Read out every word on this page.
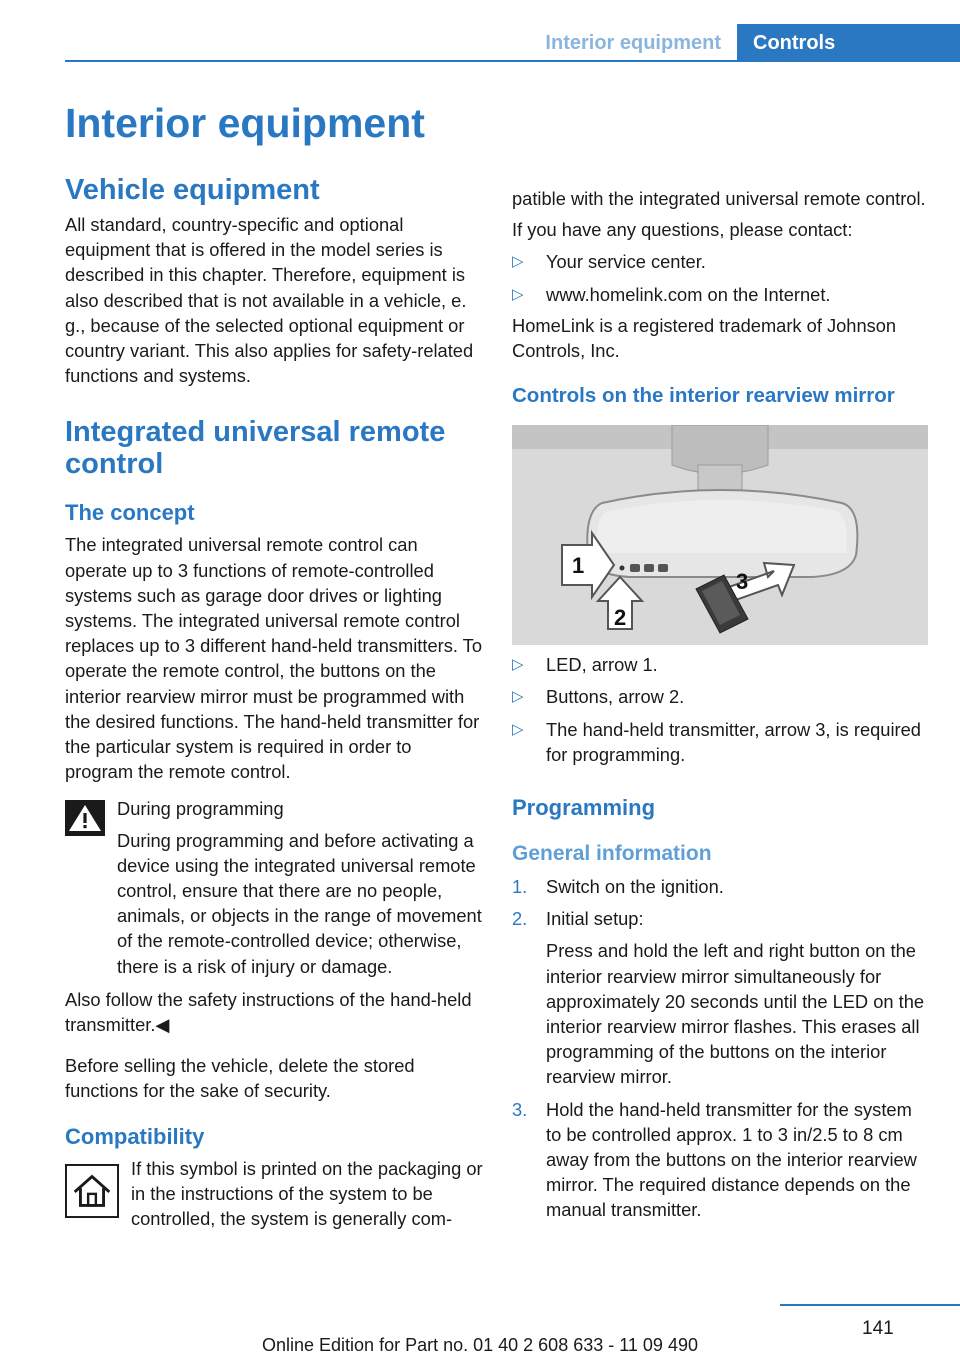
Interior equipment	Controls
Interior equipment
Vehicle equipment

All standard, country-specific and optional equipment that is offered in the model series is described in this chapter. Therefore, equipment is also described that is not available in a vehicle, e. g., because of the selected optional equipment or country variant. This also applies for safety-related functions and systems.

Integrated universal remote control
The concept

The integrated universal remote control can operate up to 3 functions of remote-controlled systems such as garage door drives or lighting systems. The integrated universal remote control replaces up to 3 different hand-held transmitters. To operate the remote control, the buttons on the interior rearview mirror must be programmed with the desired functions. The hand-held transmitter for the particular system is required in order to program the remote control.

During programming

During programming and before activating a device using the integrated universal remote control, ensure that there are no people, animals, or objects in the range of movement of the remote-controlled device; otherwise, there is a risk of injury or damage.

Also follow the safety instructions of the hand-held transmitter.◀

Before selling the vehicle, delete the stored functions for the sake of security.

Compatibility

If this symbol is printed on the packaging or in the instructions of the system to be controlled, the system is generally com-

patible with the integrated universal remote control.

If you have any questions, please contact:

▷ Your service center.
▷ www.homelink.com on the Internet.

HomeLink is a registered trademark of Johnson Controls, Inc.

Controls on the interior rearview mirror
1
2
3
▷ LED, arrow 1.
▷ Buttons, arrow 2.
▷ The hand-held transmitter, arrow 3, is required for programming.
Programming
General information
1. Switch on the ignition.
2. Initial setup:
Press and hold the left and right button on the interior rearview mirror simultaneously for approximately 20 seconds until the LED on the interior rearview mirror flashes. This erases all programming of the buttons on the interior rearview mirror.
3. Hold the hand-held transmitter for the system to be controlled approx. 1 to 3 in/2.5 to 8 cm away from the buttons on the interior rearview mirror. The required distance depends on the manual transmitter.
141
Online Edition for Part no. 01 40 2 608 633 - 11 09 490
